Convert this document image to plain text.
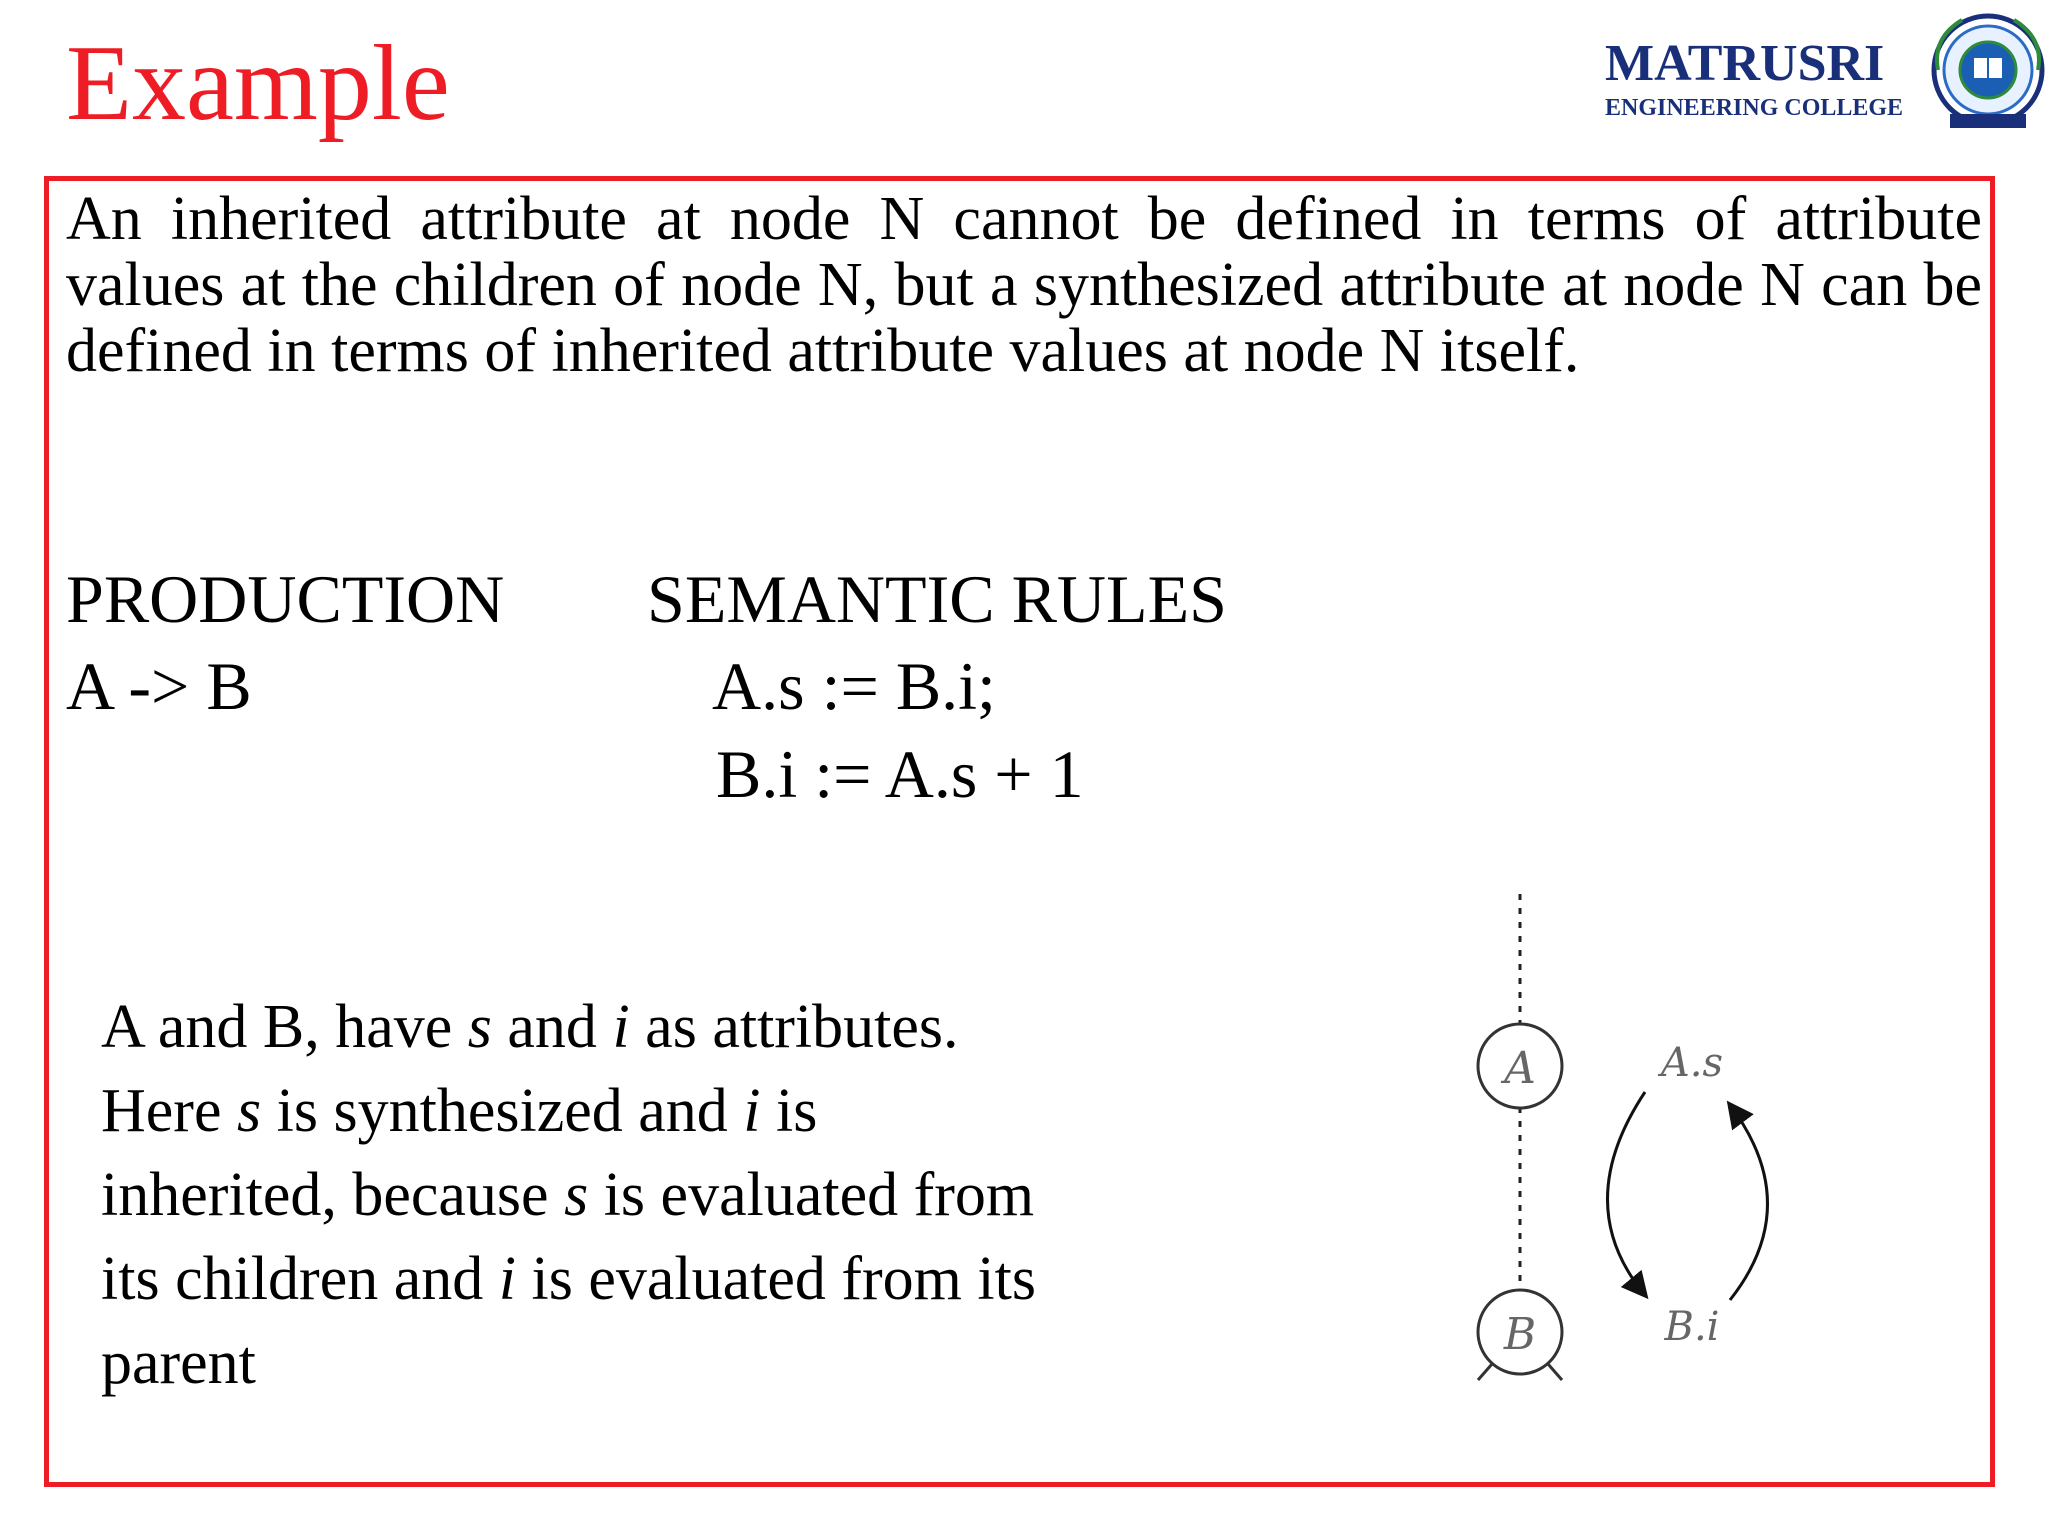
Example	MATRUSRI
ENGINEERING COLLEGE
An inherited attribute at node N cannot be defined in terms of attribute values at the children of node N, but a synthesized attribute at node N can be defined in terms of inherited attribute values at node N itself.
PRODUCTION SEMANTIC RULES
A -> B	A.s := B.i;
B.i := A.s + 1
A and B, have s and i as attributes.
Here s is synthesized and i is
inherited, because s is evaluated from
its children and i is evaluated from its
parent
A
B
A.s
B.i
